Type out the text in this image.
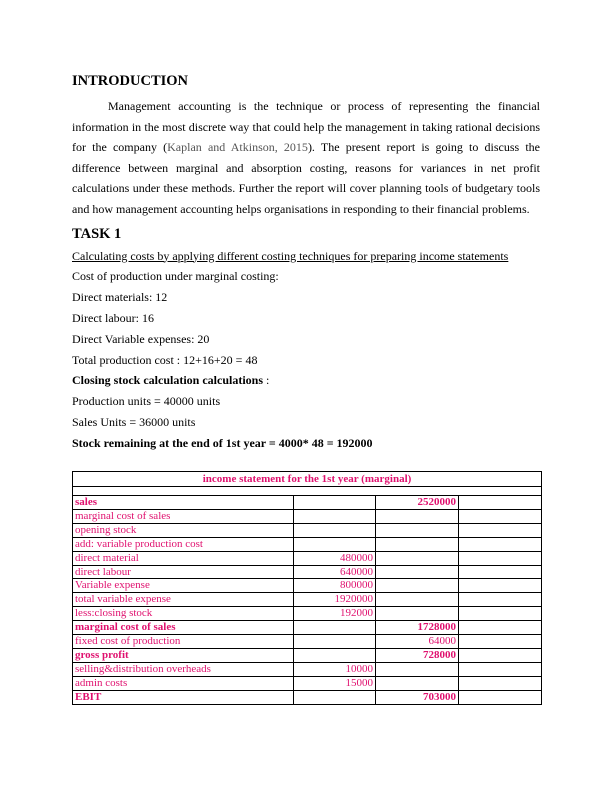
INTRODUCTION

Management accounting is the technique or process of representing the financial information in the most discrete way that could help the management in taking rational decisions for the company (Kaplan and Atkinson, 2015). The present report is going to discuss the difference between marginal and absorption costing, reasons for variances in net profit calculations under these methods. Further the report will cover planning tools of budgetary tools and how management accounting helps organisations in responding to their financial problems.

TASK 1

Calculating costs by applying different costing techniques for preparing income statements

Cost of production under marginal costing:

Direct materials: 12

Direct labour: 16

Direct Variable expenses: 20

Total production cost : 12+16+20 = 48

Closing stock calculation calculations :

Production units = 40000 units

Sales Units = 36000 units

Stock remaining at the end of 1st year = 4000* 48 = 192000

income statement for the 1st year (marginal)			

sales		2520000	
marginal cost of sales			
opening stock			
add: variable production cost			
direct material	480000		
direct labour	640000		
Variable expense	800000		
total variable expense	1920000		
less:closing stock	192000		
marginal cost of sales		1728000	
fixed cost of production		64000	
gross profit		728000	
selling&distribution overheads	10000		
admin costs	15000		
EBIT		703000	
